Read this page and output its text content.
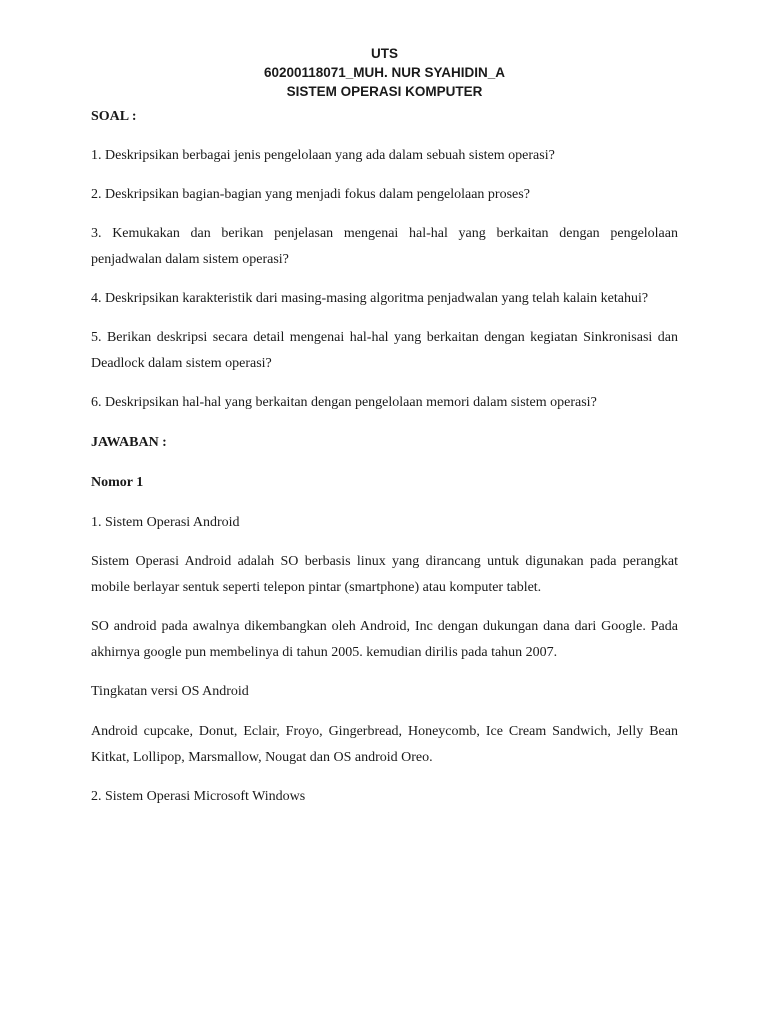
UTS
60200118071_MUH. NUR SYAHIDIN_A
SISTEM OPERASI KOMPUTER

SOAL :

1. Deskripsikan berbagai jenis pengelolaan yang ada dalam sebuah sistem operasi?

2. Deskripsikan bagian-bagian yang menjadi fokus dalam pengelolaan proses?

3. Kemukakan dan berikan penjelasan mengenai hal-hal yang berkaitan dengan pengelolaan penjadwalan dalam sistem operasi?

4. Deskripsikan karakteristik dari masing-masing algoritma penjadwalan yang telah kalain ketahui?

5. Berikan deskripsi secara detail mengenai hal-hal yang berkaitan dengan kegiatan Sinkronisasi dan Deadlock dalam sistem operasi?

6. Deskripsikan hal-hal yang berkaitan dengan pengelolaan memori dalam sistem operasi?

JAWABAN :

Nomor 1

1. Sistem Operasi Android

Sistem Operasi Android adalah SO berbasis linux yang dirancang untuk digunakan pada perangkat mobile berlayar sentuk seperti telepon pintar (smartphone) atau komputer tablet.

SO android pada awalnya dikembangkan oleh Android, Inc dengan dukungan dana dari Google. Pada akhirnya google pun membelinya di tahun 2005. kemudian dirilis pada tahun 2007.

Tingkatan versi OS Android

Android cupcake, Donut, Eclair, Froyo, Gingerbread, Honeycomb, Ice Cream Sandwich, Jelly Bean Kitkat, Lollipop, Marsmallow, Nougat dan OS android Oreo.

2. Sistem Operasi Microsoft Windows
